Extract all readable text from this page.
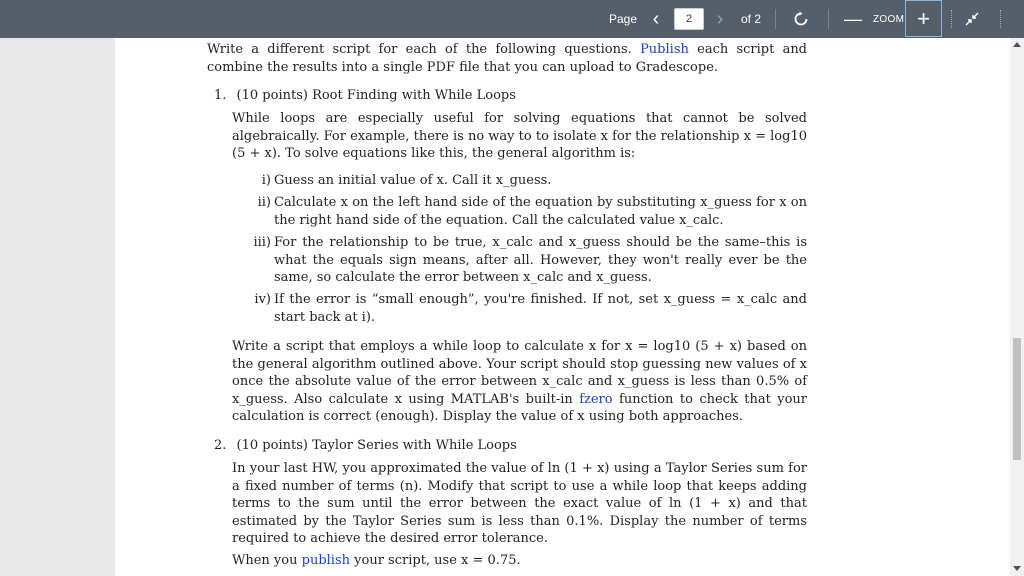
Page ‹	2	›	of 2	— ZOOM +

Write a different script for each of the following questions. Publish each script and combine the results into a single PDF file that you can upload to Gradescope.

1. (10 points) Root Finding with While Loops

While loops are especially useful for solving equations that cannot be solved algebraically. For example, there is no way to to isolate x for the relationship x = log10 (5 + x). To solve equations like this, the general algorithm is:

i) Guess an initial value of x. Call it x_guess.
ii) Calculate x on the left hand side of the equation by substituting x_guess for x on the right hand side of the equation. Call the calculated value x_calc.
iii) For the relationship to be true, x_calc and x_guess should be the same–this is what the equals sign means, after all. However, they won't really ever be the same, so calculate the error between x_calc and x_guess.
iv) If the error is “small enough”, you're finished. If not, set x_guess = x_calc and start back at i).

Write a script that employs a while loop to calculate x for x = log10 (5 + x) based on the general algorithm outlined above. Your script should stop guessing new values of x once the absolute value of the error between x_calc and x_guess is less than 0.5% of x_guess. Also calculate x using MATLAB's built-in fzero function to check that your calculation is correct (enough). Display the value of x using both approaches.

2. (10 points) Taylor Series with While Loops

In your last HW, you approximated the value of ln (1 + x) using a Taylor Series sum for a fixed number of terms (n). Modify that script to use a while loop that keeps adding terms to the sum until the error between the exact value of ln (1 + x) and that estimated by the Taylor Series sum is less than 0.1%. Display the number of terms required to achieve the desired error tolerance.

When you publish your script, use x = 0.75.
